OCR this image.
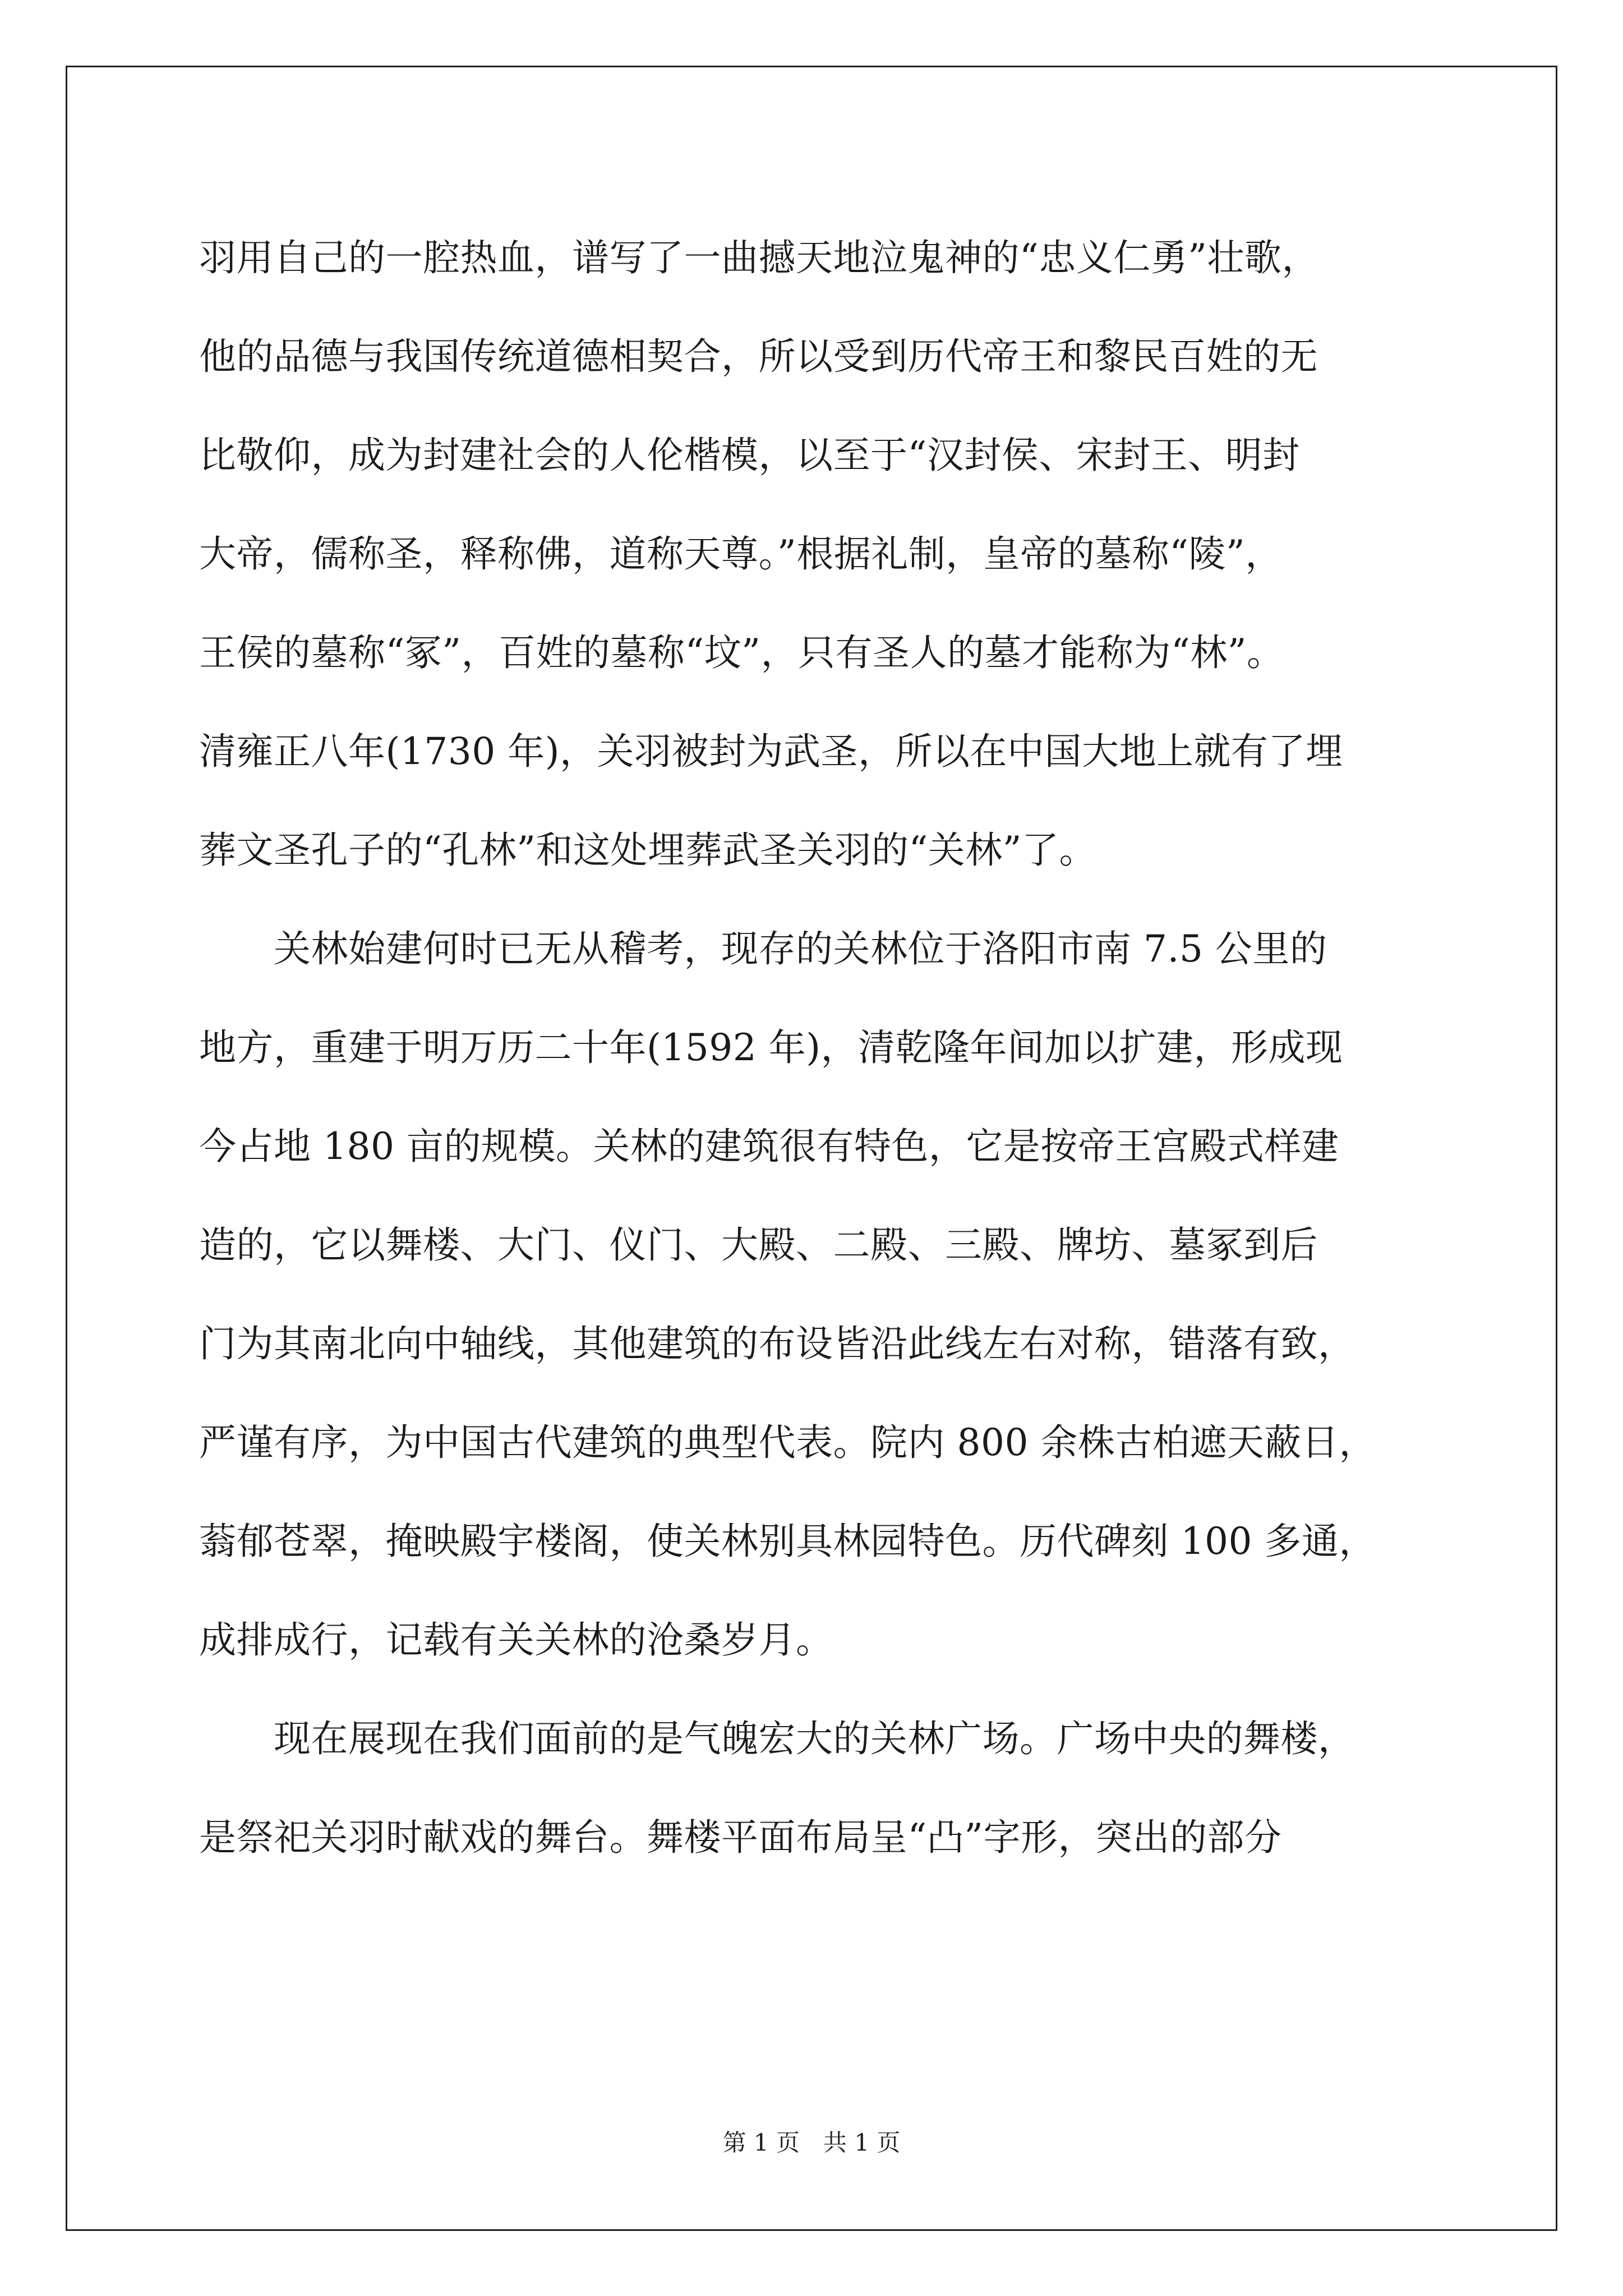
羽用自己的一腔热血，谱写了一曲撼天地泣鬼神的“忠义仁勇”壮歌，
他的品德与我国传统道德相契合，所以受到历代帝王和黎民百姓的无
比敬仰，成为封建社会的人伦楷模，以至于“汉封侯、宋封王、明封
大帝，儒称圣，释称佛，道称天尊。”根据礼制，皇帝的墓称“陵”，
王侯的墓称“冢”，百姓的墓称“坟”，只有圣人的墓才能称为“林”。
清雍正八年(1730 年)，关羽被封为武圣，所以在中国大地上就有了埋
葬文圣孔子的“孔林”和这处埋葬武圣关羽的“关林”了。
　　关林始建何时已无从稽考，现存的关林位于洛阳市南 7.5 公里的
地方，重建于明万历二十年(1592 年)，清乾隆年间加以扩建，形成现
今占地 180 亩的规模。关林的建筑很有特色，它是按帝王宫殿式样建
造的，它以舞楼、大门、仪门、大殿、二殿、三殿、牌坊、墓冢到后
门为其南北向中轴线，其他建筑的布设皆沿此线左右对称，错落有致，
严谨有序，为中国古代建筑的典型代表。院内 800 余株古柏遮天蔽日，
蓊郁苍翠，掩映殿宇楼阁，使关林别具林园特色。历代碑刻 100 多通，
成排成行，记载有关关林的沧桑岁月。
　　现在展现在我们面前的是气魄宏大的关林广场。广场中央的舞楼，
是祭祀关羽时献戏的舞台。舞楼平面布局呈“凸”字形，突出的部分
第 1 页　共 1 页
